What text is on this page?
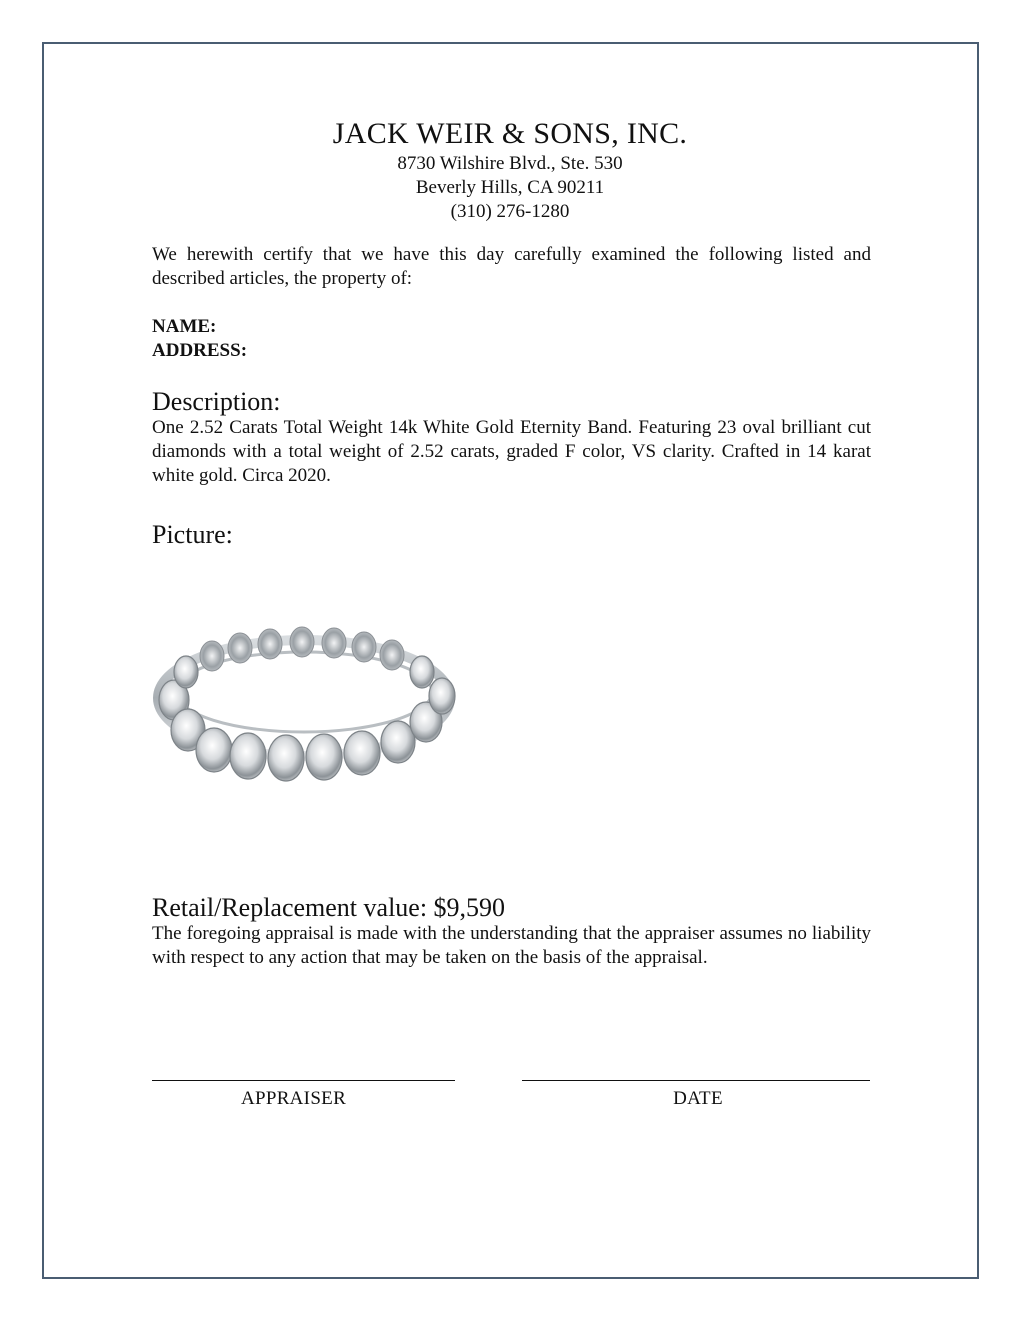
JACK WEIR & SONS, INC.
8730 Wilshire Blvd., Ste. 530
Beverly Hills, CA 90211
(310) 276-1280
We herewith certify that we have this day carefully examined the following listed and described articles, the property of:
NAME:
ADDRESS:
Description:
One 2.52 Carats Total Weight 14k White Gold Eternity Band. Featuring 23 oval brilliant cut diamonds with a total weight of 2.52 carats, graded F color, VS clarity. Crafted in 14 karat white gold. Circa 2020.
Picture:
Retail/Replacement value: $9,590
The foregoing appraisal is made with the understanding that the appraiser assumes no liability with respect to any action that may be taken on the basis of the appraisal.
APPRAISER	DATE
